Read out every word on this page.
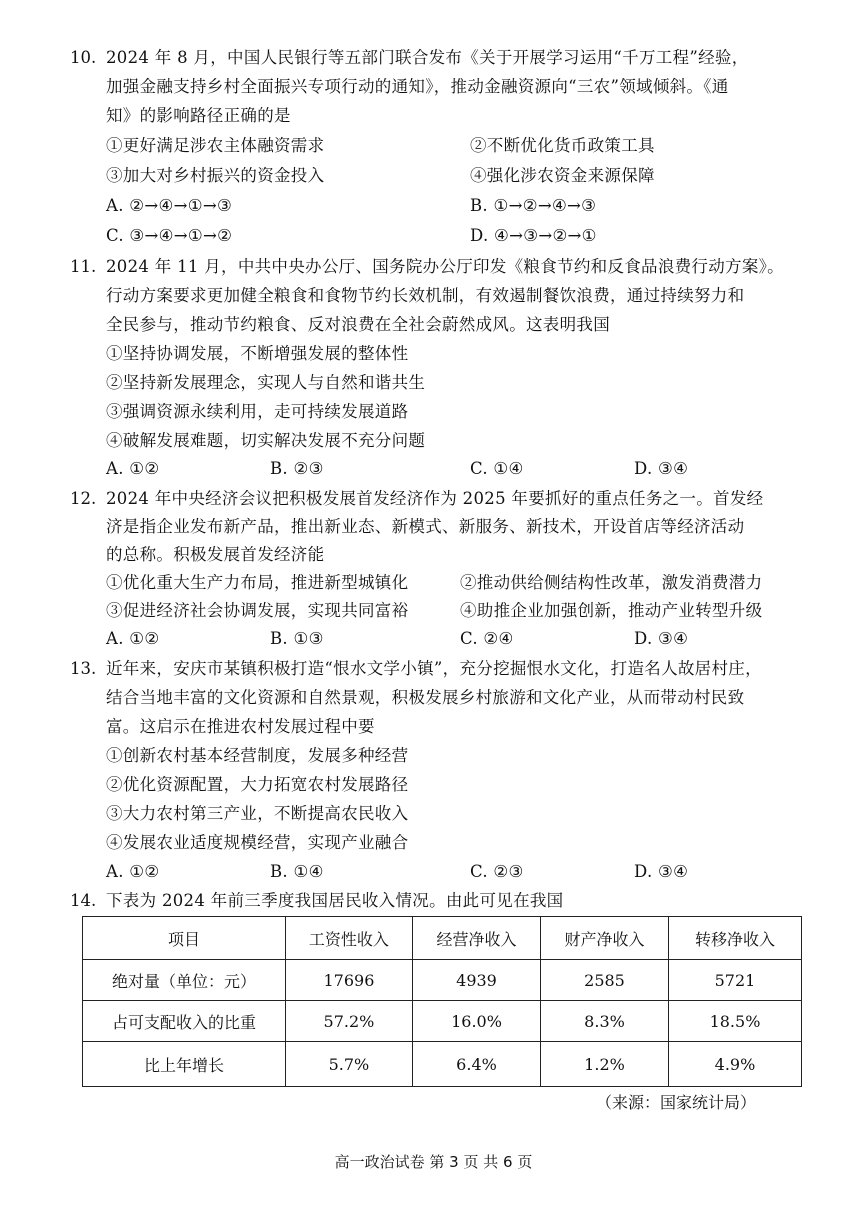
10. 2024 年 8 月，中国人民银行等五部门联合发布《关于开展学习运用“千万工程”经验，
加强金融支持乡村全面振兴专项行动的通知》，推动金融资源向“三农”领域倾斜。《通
知》的影响路径正确的是
①更好满足涉农主体融资需求	②不断优化货币政策工具
③加大对乡村振兴的资金投入	④强化涉农资金来源保障
A. ②→④→①→③	B. ①→②→④→③
C. ③→④→①→②	D. ④→③→②→①
11. 2024 年 11 月，中共中央办公厅、国务院办公厅印发《粮食节约和反食品浪费行动方案》。
行动方案要求更加健全粮食和食物节约长效机制，有效遏制餐饮浪费，通过持续努力和
全民参与，推动节约粮食、反对浪费在全社会蔚然成风。这表明我国
①坚持协调发展，不断增强发展的整体性
②坚持新发展理念，实现人与自然和谐共生
③强调资源永续利用，走可持续发展道路
④破解发展难题，切实解决发展不充分问题
A. ①②	B. ②③	C. ①④	D. ③④
12. 2024 年中央经济会议把积极发展首发经济作为 2025 年要抓好的重点任务之一。首发经
济是指企业发布新产品，推出新业态、新模式、新服务、新技术，开设首店等经济活动
的总称。积极发展首发经济能
①优化重大生产力布局，推进新型城镇化	②推动供给侧结构性改革，激发消费潜力
③促进经济社会协调发展，实现共同富裕	④助推企业加强创新，推动产业转型升级
A. ①②	B. ①③	C. ②④	D. ③④
13. 近年来，安庆市某镇积极打造“恨水文学小镇”，充分挖掘恨水文化，打造名人故居村庄，
结合当地丰富的文化资源和自然景观，积极发展乡村旅游和文化产业，从而带动村民致
富。这启示在推进农村发展过程中要
①创新农村基本经营制度，发展多种经营
②优化资源配置，大力拓宽农村发展路径
③大力农村第三产业，不断提高农民收入
④发展农业适度规模经营，实现产业融合
A. ①②	B. ①④	C. ②③	D. ③④
14. 下表为 2024 年前三季度我国居民收入情况。由此可见在我国
项目	工资性收入	经营净收入	财产净收入	转移净收入
绝对量（单位：元）	17696	4939	2585	5721
占可支配收入的比重	57.2%	16.0%	8.3%	18.5%
比上年增长	5.7%	6.4%	1.2%	4.9%
（来源：国家统计局）
高一政治试卷 第 3 页 共 6 页
